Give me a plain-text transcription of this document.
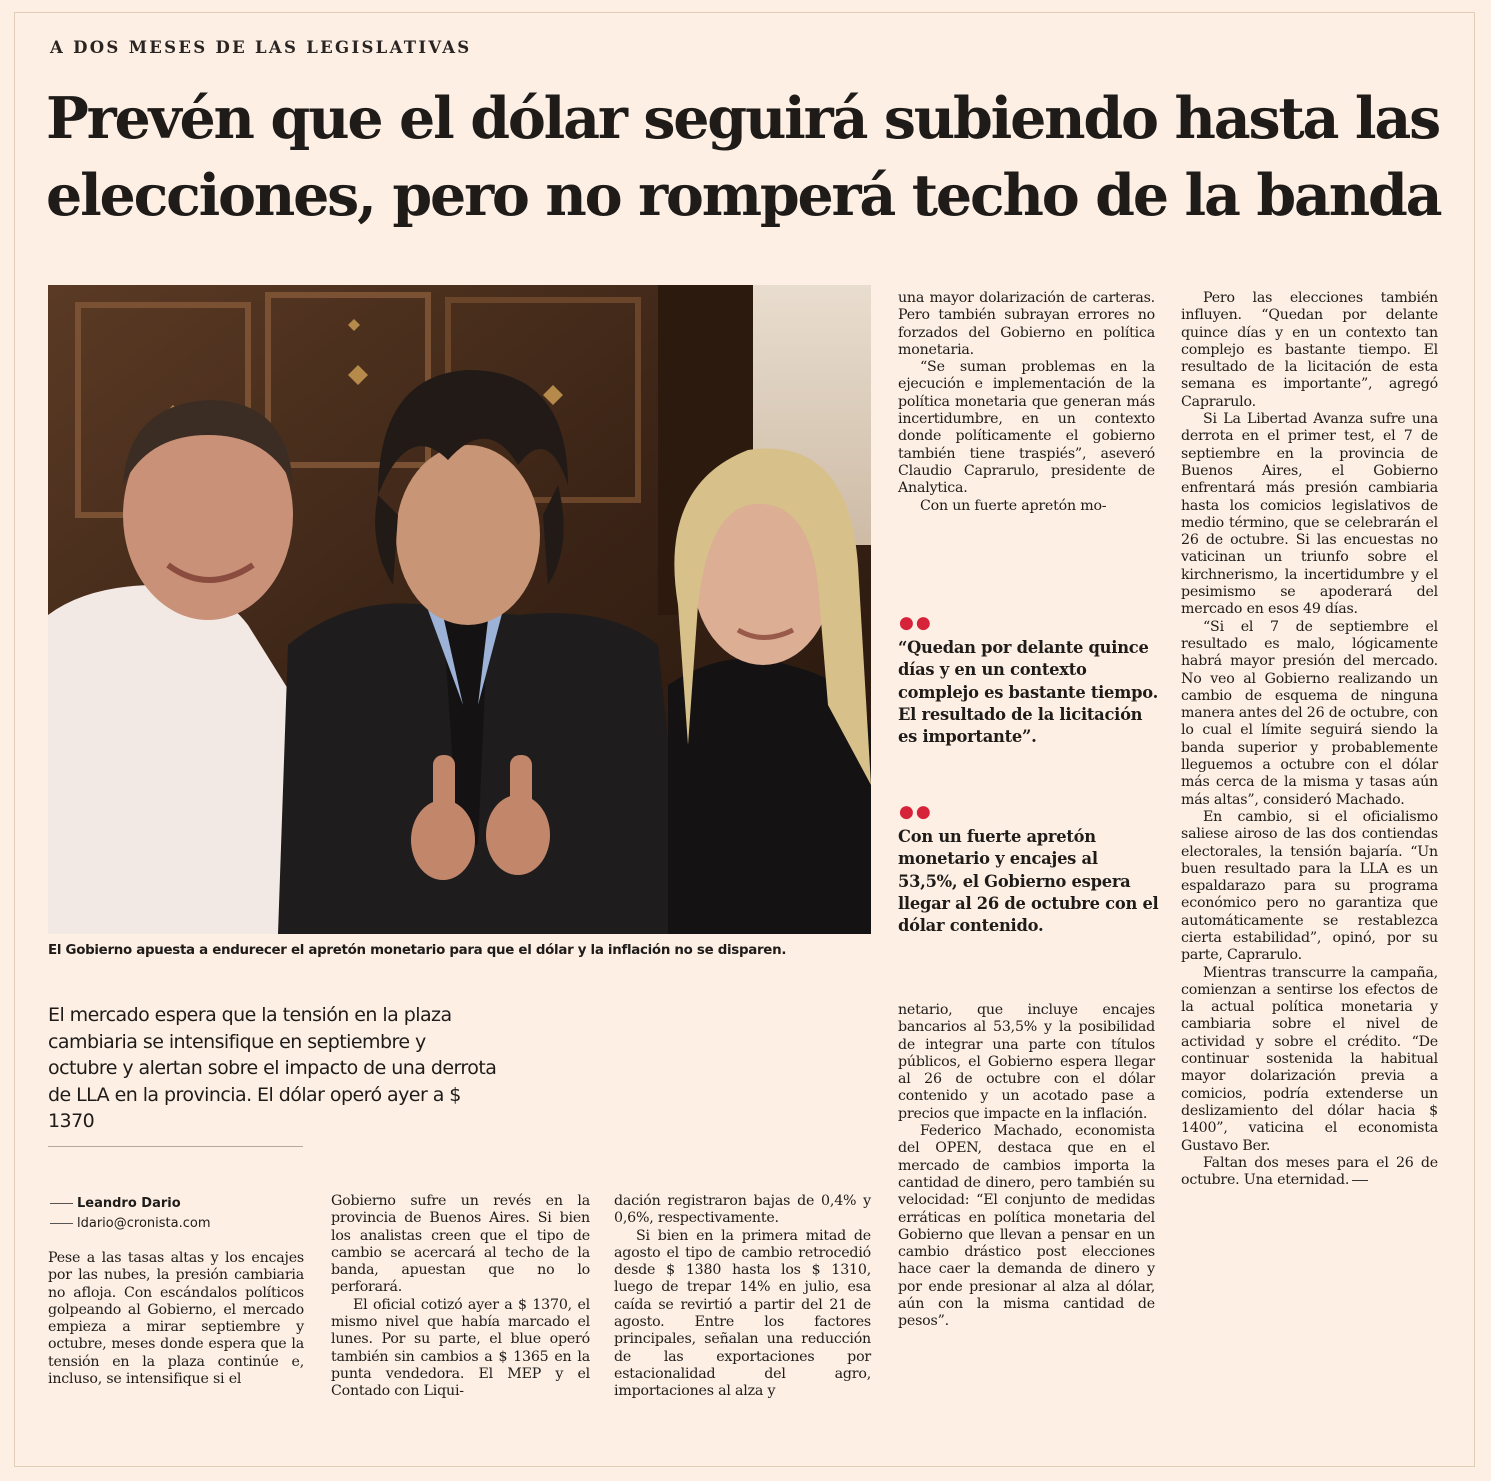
A DOS MESES DE LAS LEGISLATIVAS
Prevén que el dólar seguirá subiendo hasta las
elecciones, pero no romperá techo de la banda
El Gobierno apuesta a endurecer el apretón monetario para que el dólar y la inflación no se disparen.
El mercado espera que la tensión en la plaza
cambiaria se intensifique en septiembre y
octubre y alertan sobre el impacto de una derrota
de LLA en la provincia. El dólar operó ayer a $ 1370
Leandro Dario
ldario@cronista.com

Pese a las tasas altas y los encajes por las nubes, la presión cambiaria no afloja. Con escándalos políticos golpeando al Gobierno, el mercado empieza a mirar septiembre y octubre, meses donde espera que la tensión en la plaza continúe e, incluso, se intensifique si el

Gobierno sufre un revés en la provincia de Buenos Aires. Si bien los analistas creen que el tipo de cambio se acercará al techo de la banda, apuestan que no lo perforará.

El oficial cotizó ayer a $ 1370, el mismo nivel que había marcado el lunes. Por su parte, el blue operó también sin cambios a $ 1365 en la punta vendedora. El MEP y el Contado con Liqui-

dación registraron bajas de 0,4% y 0,6%, respectivamente.

Si bien en la primera mitad de agosto el tipo de cambio retrocedió desde $ 1380 hasta los $ 1310, luego de trepar 14% en julio, esa caída se revirtió a partir del 21 de agosto. Entre los factores principales, señalan una reducción de las exportaciones por estacionalidad del agro, importaciones al alza y

una mayor dolarización de carteras. Pero también subrayan errores no forzados del Gobierno en política monetaria.

“Se suman problemas en la ejecución e implementación de la política monetaria que generan más incertidumbre, en un contexto donde políticamente el gobierno también tiene traspiés”, aseveró Claudio Caprarulo, presidente de Analytica.

Con un fuerte apretón mo-

●●

“Quedan por delante quince días y en un contexto complejo es bastante tiempo. El resultado de la licitación es importante”.

●●

Con un fuerte apretón monetario y encajes al 53,5%, el Gobierno espera llegar al 26 de octubre con el dólar contenido.

netario, que incluye encajes bancarios al 53,5% y la posibilidad de integrar una parte con títulos públicos, el Gobierno espera llegar al 26 de octubre con el dólar contenido y un acotado pase a precios que impacte en la inflación.

Federico Machado, economista del OPEN, destaca que en el mercado de cambios importa la cantidad de dinero, pero también su velocidad: “El conjunto de medidas erráticas en política monetaria del Gobierno que llevan a pensar en un cambio drástico post elecciones hace caer la demanda de dinero y por ende presionar al alza al dólar, aún con la misma cantidad de pesos”.

Pero las elecciones también influyen. “Quedan por delante quince días y en un contexto tan complejo es bastante tiempo. El resultado de la licitación de esta semana es importante”, agregó Caprarulo.

Si La Libertad Avanza sufre una derrota en el primer test, el 7 de septiembre en la provincia de Buenos Aires, el Gobierno enfrentará más presión cambiaria hasta los comicios legislativos de medio término, que se celebrarán el 26 de octubre. Si las encuestas no vaticinan un triunfo sobre el kirchnerismo, la incertidumbre y el pesimismo se apoderará del mercado en esos 49 días.

“Si el 7 de septiembre el resultado es malo, lógicamente habrá mayor presión del mercado. No veo al Gobierno realizando un cambio de esquema de ninguna manera antes del 26 de octubre, con lo cual el límite seguirá siendo la banda superior y probablemente lleguemos a octubre con el dólar más cerca de la misma y tasas aún más altas”, consideró Machado.

En cambio, si el oficialismo saliese airoso de las dos contiendas electorales, la tensión bajaría. “Un buen resultado para la LLA es un espaldarazo para su programa económico pero no garantiza que automáticamente se restablezca cierta estabilidad”, opinó, por su parte, Caprarulo.

Mientras transcurre la campaña, comienzan a sentirse los efectos de la actual política monetaria y cambiaria sobre el nivel de actividad y sobre el crédito. “De continuar sostenida la habitual mayor dolarización previa a comicios, podría extenderse un deslizamiento del dólar hacia $ 1400”, vaticina el economista Gustavo Ber.

Faltan dos meses para el 26 de octubre. Una eternidad.
